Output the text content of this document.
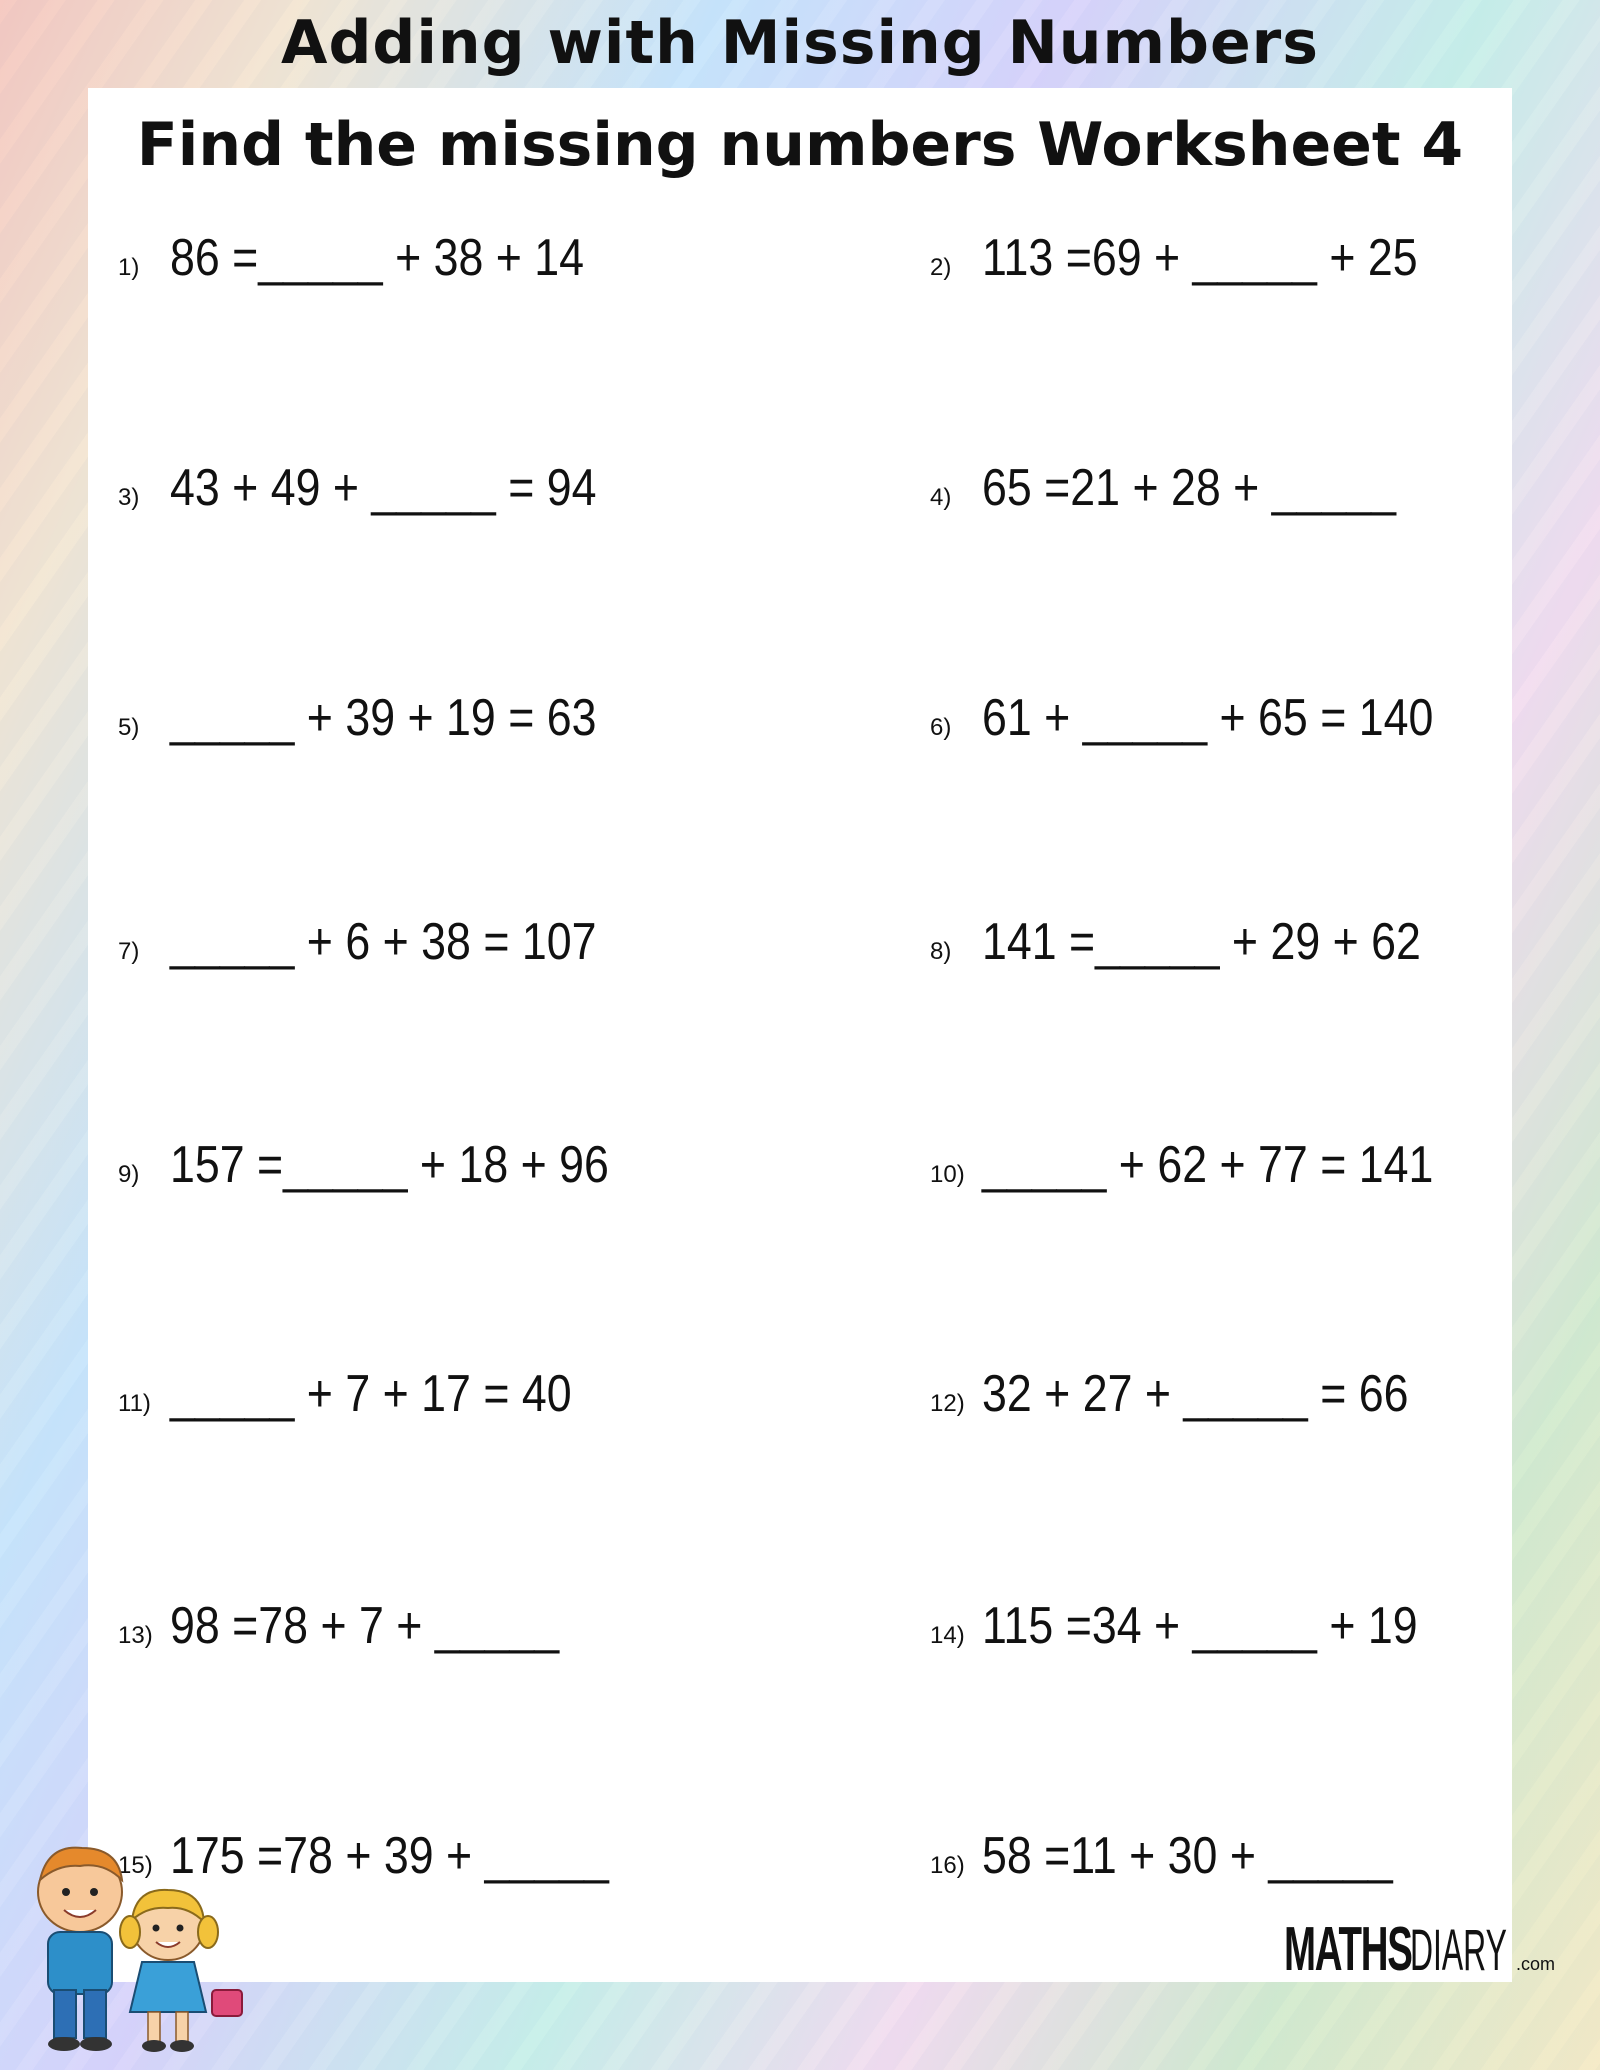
Adding with Missing Numbers
Find the missing numbers Worksheet 4
1) 86 =_____ + 38 + 14
3) 43 + 49 + _____ = 94
5) _____ + 39 + 19 = 63
7) _____ + 6 + 38 = 107
9) 157 =_____ + 18 + 96
11) _____ + 7 + 17 = 40
13) 98 =78 + 7 + _____
15) 175 =78 + 39 + _____
2) 113 =69 + _____ + 25
4) 65 =21 + 28 + _____
6) 61 + _____ + 65 = 140
8) 141 =_____ + 29 + 62
10) _____ + 62 + 77 = 141
12) 32 + 27 + _____ = 66
14) 115 =34 + _____ + 19
16) 58 =11 + 30 + _____
MATHSDIARY .com
